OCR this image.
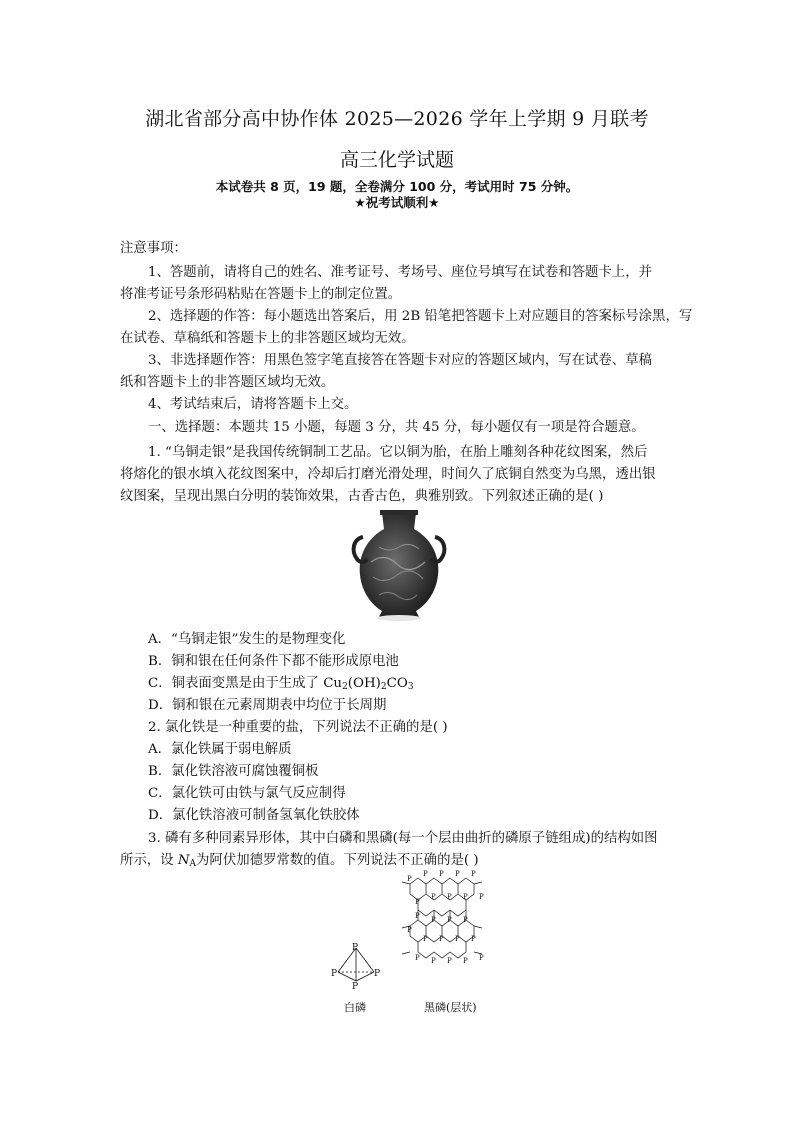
湖北省部分高中协作体 2025—2026 学年上学期 9 月联考
高三化学试题
本试卷共 8 页，19 题，全卷满分 100 分，考试用时 75 分钟。
★祝考试顺利★
注意事项：
1、答题前，请将自己的姓名、准考证号、考场号、座位号填写在试卷和答题卡上，并
将准考证号条形码粘贴在答题卡上的制定位置。
2、选择题的作答：每小题选出答案后，用 2B 铅笔把答题卡上对应题目的答案标号涂黑，写
在试卷、草稿纸和答题卡上的非答题区域均无效。
3、非选择题作答：用黑色签字笔直接答在答题卡对应的答题区域内，写在试卷、草稿
纸和答题卡上的非答题区域均无效。
4、考试结束后，请将答题卡上交。
一、选择题：本题共 15 小题，每题 3 分，共 45 分，每小题仅有一项是符合题意。
1. “乌铜走银”是我国传统铜制工艺品。它以铜为胎，在胎上雕刻各种花纹图案，然后
将熔化的银水填入花纹图案中，冷却后打磨光滑处理，时间久了底铜自然变为乌黑，透出银
纹图案，呈现出黑白分明的装饰效果，古香古色，典雅别致。下列叙述正确的是( )
A．“乌铜走银”发生的是物理变化
B．铜和银在任何条件下都不能形成原电池
C．铜表面变黑是由于生成了 $Cu_2(OH)_2CO_3$
D．铜和银在元素周期表中均位于长周期
2. 氯化铁是一种重要的盐，下列说法不正确的是( )
A．氯化铁属于弱电解质
B．氯化铁溶液可腐蚀覆铜板
C．氯化铁可由铁与氯气反应制得
D．氯化铁溶液可制备氢氧化铁胶体
3. 磷有多种同素异形体，其中白磷和黑磷(每一个层由曲折的磷原子链组成)的结构如图
所示，设 $N_A$为阿伏加德罗常数的值。下列说法不正确的是( )
P
P	P
P
白磷
P
P P P P
P
P P P P
P P P P
P
P P P P
P P P P P
黑磷(层状)
